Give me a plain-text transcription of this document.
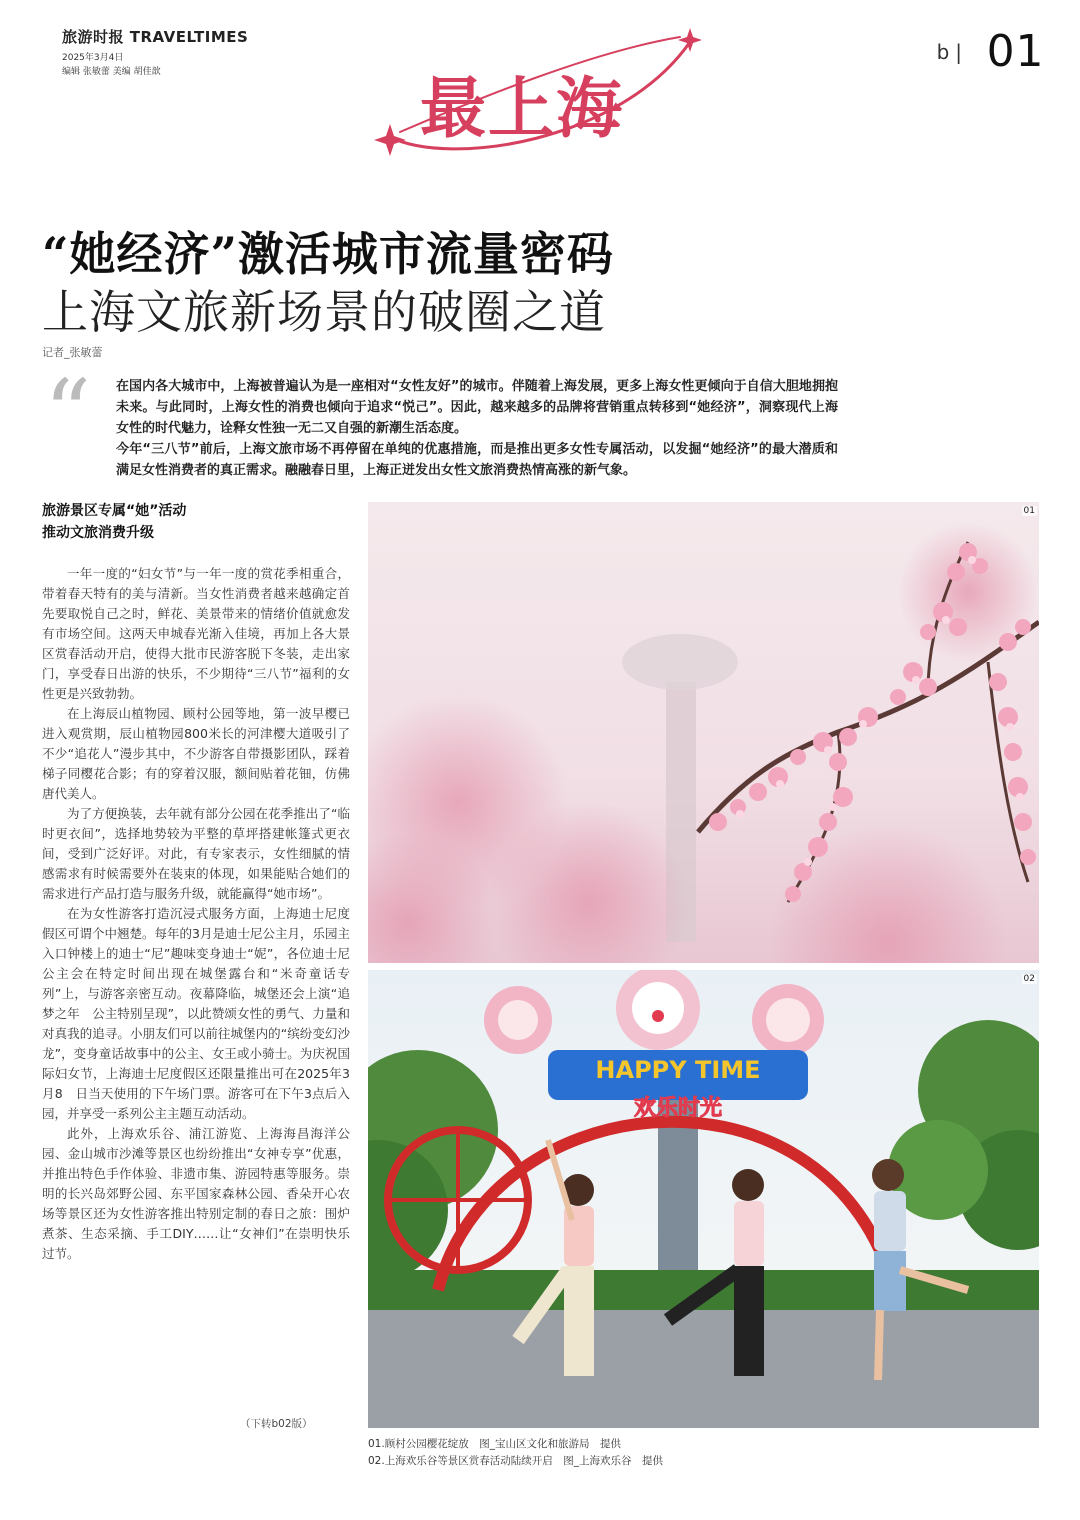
旅游时报 TRAVELTIMES
2025年3月4日
编辑 张敏蕾 美编 胡佳歆	最上海
b| 01
“她经济”激活城市流量密码
上海文旅新场景的破圈之道
记者_张敏蕾
“ 在国内各大城市中，上海被普遍认为是一座相对“女性友好”的城市。伴随着上海发展，更多上海女性更倾向于自信大胆地拥抱未来。与此同时，上海女性的消费也倾向于追求“悦己”。因此，越来越多的品牌将营销重点转移到“她经济”，洞察现代上海女性的时代魅力，诠释女性独一无二又自强的新潮生活态度。

今年“三八节”前后，上海文旅市场不再停留在单纯的优惠措施，而是推出更多女性专属活动，以发掘“她经济”的最大潜质和满足女性消费者的真正需求。融融春日里，上海正迸发出女性文旅消费热情高涨的新气象。

旅游景区专属“她”活动
推动文旅消费升级

一年一度的“妇女节”与一年一度的赏花季相重合，带着春天特有的美与清新。当女性消费者越来越确定首先要取悦自己之时，鲜花、美景带来的情绪价值就愈发有市场空间。这两天申城春光渐入佳境，再加上各大景区赏春活动开启，使得大批市民游客脱下冬装，走出家门，享受春日出游的快乐，不少期待“三八节”福利的女性更是兴致勃勃。

在上海辰山植物园、顾村公园等地，第一波早樱已进入观赏期，辰山植物园800米长的河津樱大道吸引了不少“追花人”漫步其中，不少游客自带摄影团队，踩着梯子同樱花合影；有的穿着汉服，额间贴着花钿，仿佛唐代美人。

为了方便换装，去年就有部分公园在花季推出了“临时更衣间”，选择地势较为平整的草坪搭建帐篷式更衣间，受到广泛好评。对此，有专家表示，女性细腻的情感需求有时候需要外在装束的体现，如果能贴合她们的需求进行产品打造与服务升级，就能赢得“她市场”。

在为女性游客打造沉浸式服务方面，上海迪士尼度假区可谓个中翘楚。每年的3月是迪士尼公主月，乐园主入口钟楼上的迪士“尼”趣味变身迪士“妮”，各位迪士尼公主会在特定时间出现在城堡露台和“米奇童话专列”上，与游客亲密互动。夜幕降临，城堡还会上演“追梦之年　公主特别呈现”，以此赞颂女性的勇气、力量和对真我的追寻。小朋友们可以前往城堡内的“缤纷变幻沙龙”，变身童话故事中的公主、女王或小骑士。为庆祝国际妇女节，上海迪士尼度假区还限量推出可在2025年3月8　日当天使用的下午场门票。游客可在下午3点后入园，并享受一系列公主主题互动活动。

此外，上海欢乐谷、浦江游览、上海海昌海洋公园、金山城市沙滩等景区也纷纷推出“女神专享”优惠，并推出特色手作体验、非遗市集、游园特惠等服务。崇明的长兴岛郊野公园、东平国家森林公园、香朵开心农场等景区还为女性游客推出特别定制的春日之旅：围炉煮茶、生态采摘、手工DIY……让“女神们”在崇明快乐过节。

（下转b02版）
01
HAPPY TIME
欢乐时光
02
01.顾村公园樱花绽放　图_宝山区文化和旅游局　提供
02.上海欢乐谷等景区赏春活动陆续开启　图_上海欢乐谷　提供
